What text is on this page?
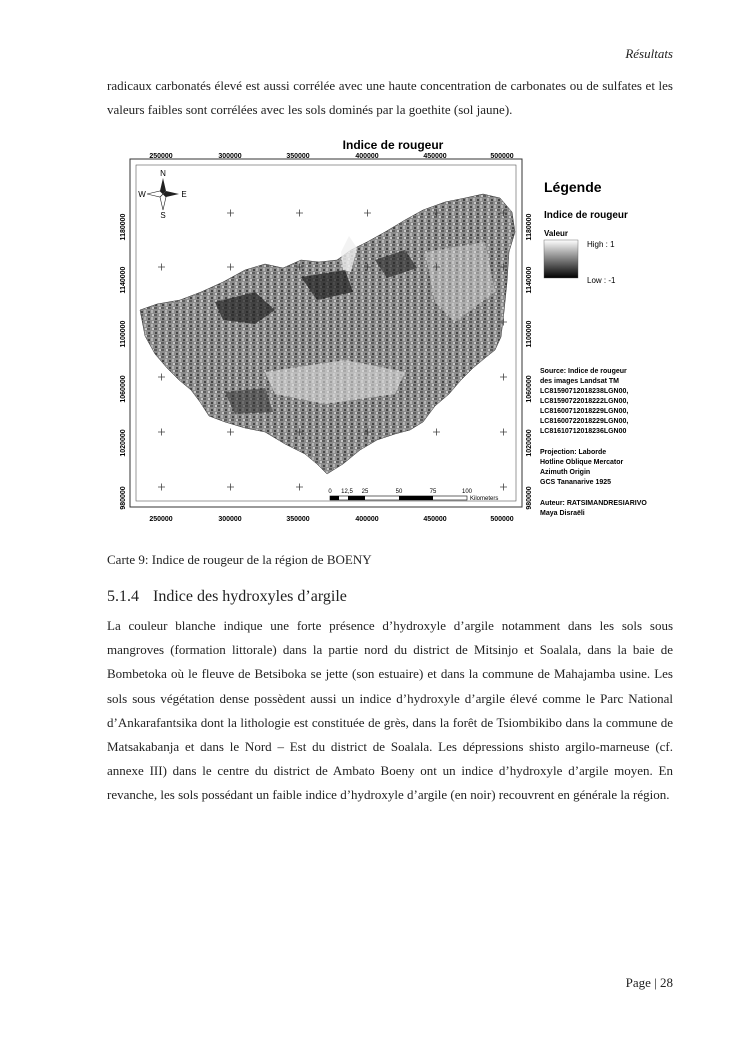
Résultats
radicaux carbonatés élevé est aussi corrélée avec une haute concentration de carbonates ou de sulfates et les valeurs faibles sont corrélées avec les sols dominés par la goethite (sol jaune).
Indice de rougeur
250000	300000	350000	400000	450000	500000
250000	300000	350000	400000	450000	500000
1180000
1140000
1100000
1060000
1020000
980000
1180000
1140000
1100000
1060000
1020000
980000
N
S
W	E
0 12,5 25	50	75	100
Kilometers
Légende
Indice de rougeur
Valeur
High : 1
Low : -1
Source: Indice de rougeur
des images Landsat TM
LC81590712018238LGN00,
LC81590722018222LGN00,
LC81600712018229LGN00,
LC81600722018229LGN00,
LC81610712018236LGN00
Projection: Laborde
Hotline Oblique Mercator
Azimuth Origin
GCS Tananarive 1925
Auteur: RATSIMANDRESIARIVO
Maya Disraëli
Carte 9: Indice de rougeur de la région de BOENY
5.1.4 Indice des hydroxyles d’argile
La couleur blanche indique une forte présence d’hydroxyle d’argile notamment dans les sols sous mangroves (formation littorale) dans la partie nord du district de Mitsinjo et Soalala, dans la baie de Bombetoka où le fleuve de Betsiboka se jette (son estuaire) et dans la commune de Mahajamba usine. Les sols sous végétation dense possèdent aussi un indice d’hydroxyle d’argile élevé comme le Parc National d’Ankarafantsika dont la lithologie est constituée de grès, dans la forêt de Tsiombikibo dans la commune de Matsakabanja et dans le Nord – Est du district de Soalala. Les dépressions shisto argilo-marneuse (cf. annexe III) dans le centre du district de Ambato Boeny ont un indice d’hydroxyle d’argile moyen. En revanche, les sols possédant un faible indice d’hydroxyle d’argile (en noir) recouvrent en générale la région.
Page | 28
